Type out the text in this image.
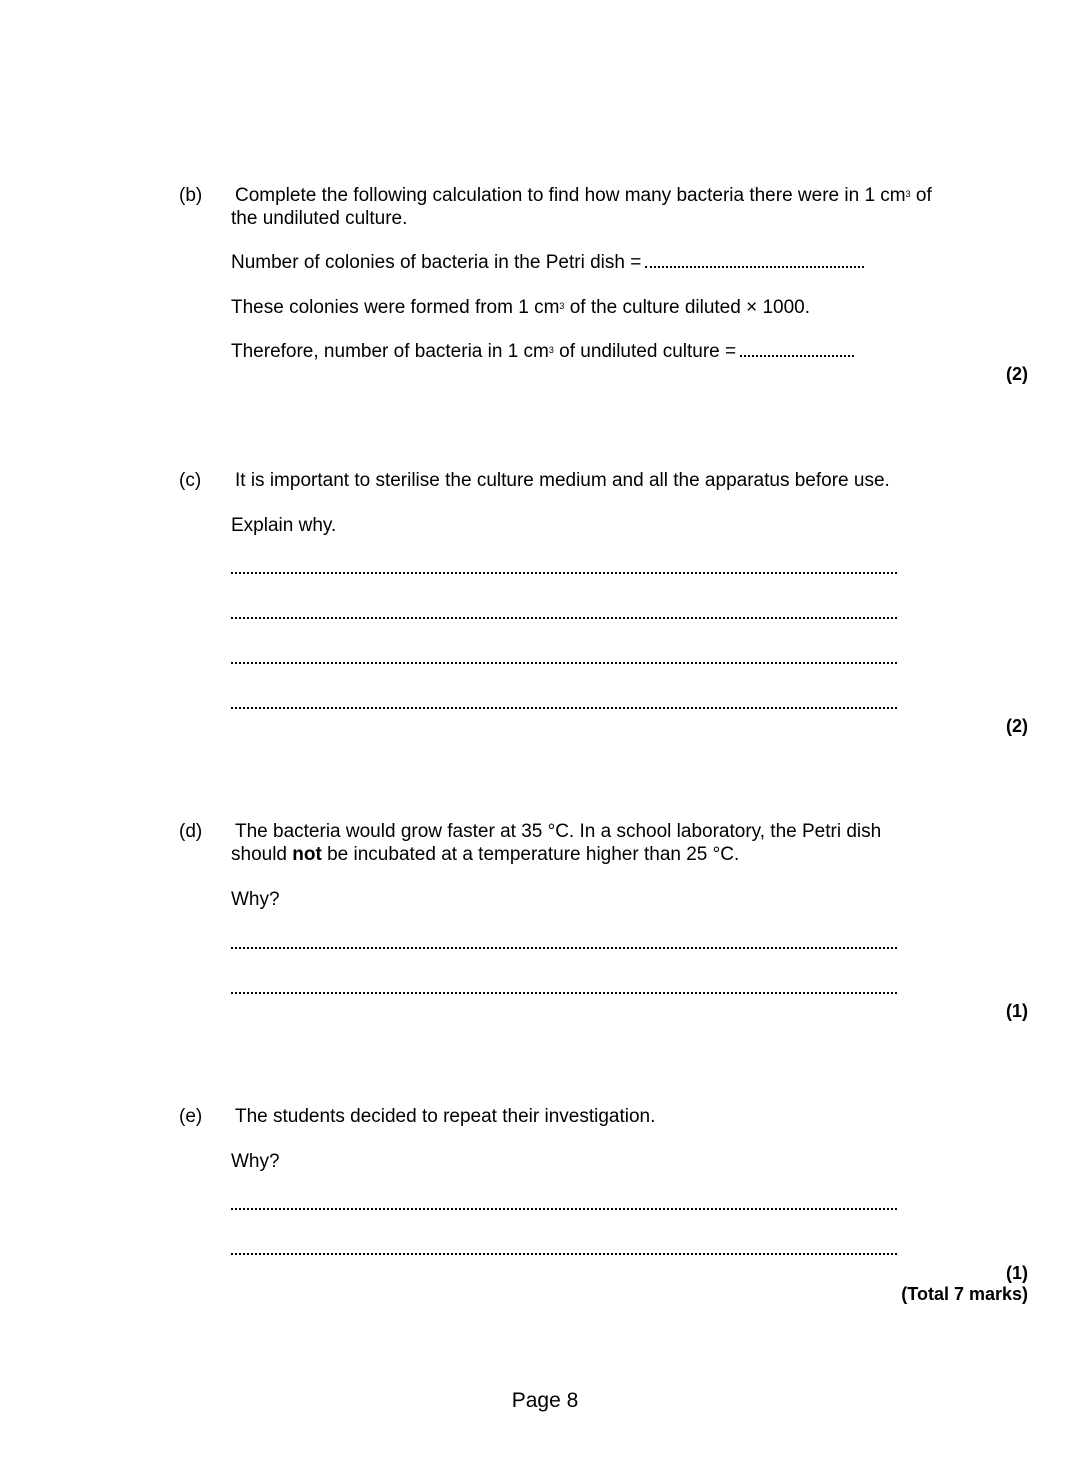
(b) Complete the following calculation to find how many bacteria there were in 1 $cm^3$ of
the undiluted culture.
Number of colonies of bacteria in the Petri dish =
These colonies were formed from 1 $cm^3$ of the culture diluted × 1000.
Therefore, number of bacteria in 1 $cm^3$ of undiluted culture =
(2)
(c) It is important to sterilise the culture medium and all the apparatus before use.
Explain why.
(2)
(d) The bacteria would grow faster at 35 °C. In a school laboratory, the Petri dish
should not be incubated at a temperature higher than 25 °C.
Why?
(1)
(e) The students decided to repeat their investigation.
Why?
(1)
(Total 7 marks)
Page 8
